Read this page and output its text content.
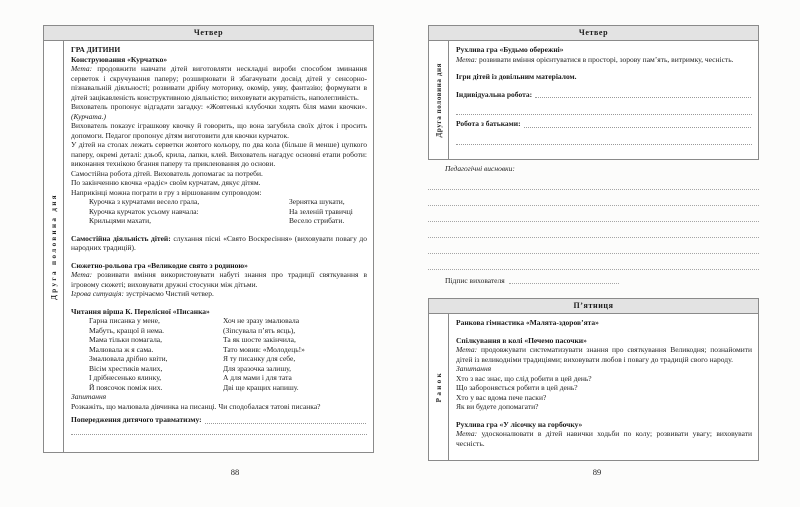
Четвер
Друга половина дня

ГРА ДИТИНИ

Конструювання «Курчатко»

Мета: продовжити навчати дітей виготовляти нескладні вироби способом зминання серветок і скручування паперу; розширювати й збагачувати досвід дітей у сенсорно-пізнавальній діяльності; розвивати дрібну моторику, окомір, уяву, фантазію; формувати в дітей зацікавленість конструктивною діяльністю; виховувати акуратність, наполегливість.

Вихователь пропонує відгадати загадку: «Жовтенькі клубочки ходять біля мами квочки». (Курчата.)

Вихователь показує іграшкову квочку й говорить, що вона загубила своїх діток і просить допомоги. Педагог пропонує дітям виготовити для квочки курчаток.

У дітей на столах лежать серветки жовтого кольору, по два кола (більше й менше) цупкого паперу, окремі деталі: дзьоб, крила, лапки, клей. Вихователь нагадує основні етапи роботи: виконання технікою бгання паперу та приклеювання до основи.

Самостійна робота дітей. Вихователь допомагає за потреби.

По закінченню квочка «радіє» своїм курчатам, дякує дітям.

Наприкінці можна пограти в гру з віршованим супроводом:

Курочка з курчатами весело грала,

Курочка курчаток усьому навчала:

Крильцями махати,

Зернятка шукати,

На зеленій травичці

Весело стрибати.

Самостійна діяльність дітей: слухання пісні «Свято Воскресіння» (виховувати повагу до народних традицій).

Сюжетно-рольова гра «Великодне свято з родиною»

Мета: розвивати вміння використовувати набуті знання про традиції святкування в ігровому сюжеті; виховувати дружні стосунки між дітьми.

Ігрова ситуація: зустрічаємо Чистий четвер.

Читання вірша К. Перелісної «Писанка»

Гарна писанка у мене,

Мабуть, кращої й нема.

Мама тільки помагала,

Малювала ж я сама.

Змалювала дрібно квіти,

Вісім хрестиків малих,

І дрібнесенько ялинку,

Й поясочок поміж них.

Хоч не зразу змалювала

(Зіпсувала п’ять яєць),

Та як шосте закінчила,

Тато мовив: «Молодець!»

Я ту писанку для себе,

Для зразочка залишу,

А для мами і для тата

Дві ще кращих напишу.

Запитання

Розкажіть, що малювала дівчинка на писанці. Чи сподобалася татові писанка?

Попередження дитячого травматизму:
Четвер
Друга половина дня

Рухлива гра «Будьмо обережні»

Мета: розвивати вміння орієнтуватися в просторі, зорову пам’ять, витримку, чесність.

Ігри дітей із довільним матеріалом.

Індивідуальна робота:
Робота з батьками:
Педагогічні висновки:
Підпис вихователя
П’ятниця
Ранок

Ранкова гімнастика «Малята-здоров’ята»

Спілкування в колі «Печемо пасочки»

Мета: продовжувати систематизувати знання про святкування Великодня; познайомити дітей із великодніми традиціями; виховувати любов і повагу до традицій свого народу.

Запитання

Хто з вас знає, що слід робити в цей день?

Що забороняється робити в цей день?

Хто у вас вдома пече паски?

Як ви будете допомагати?

Рухлива гра «У лісочку на горбочку»

Мета: удосконалювати в дітей навички ходьби по колу; розвивати увагу; виховувати чесність.

88	89
